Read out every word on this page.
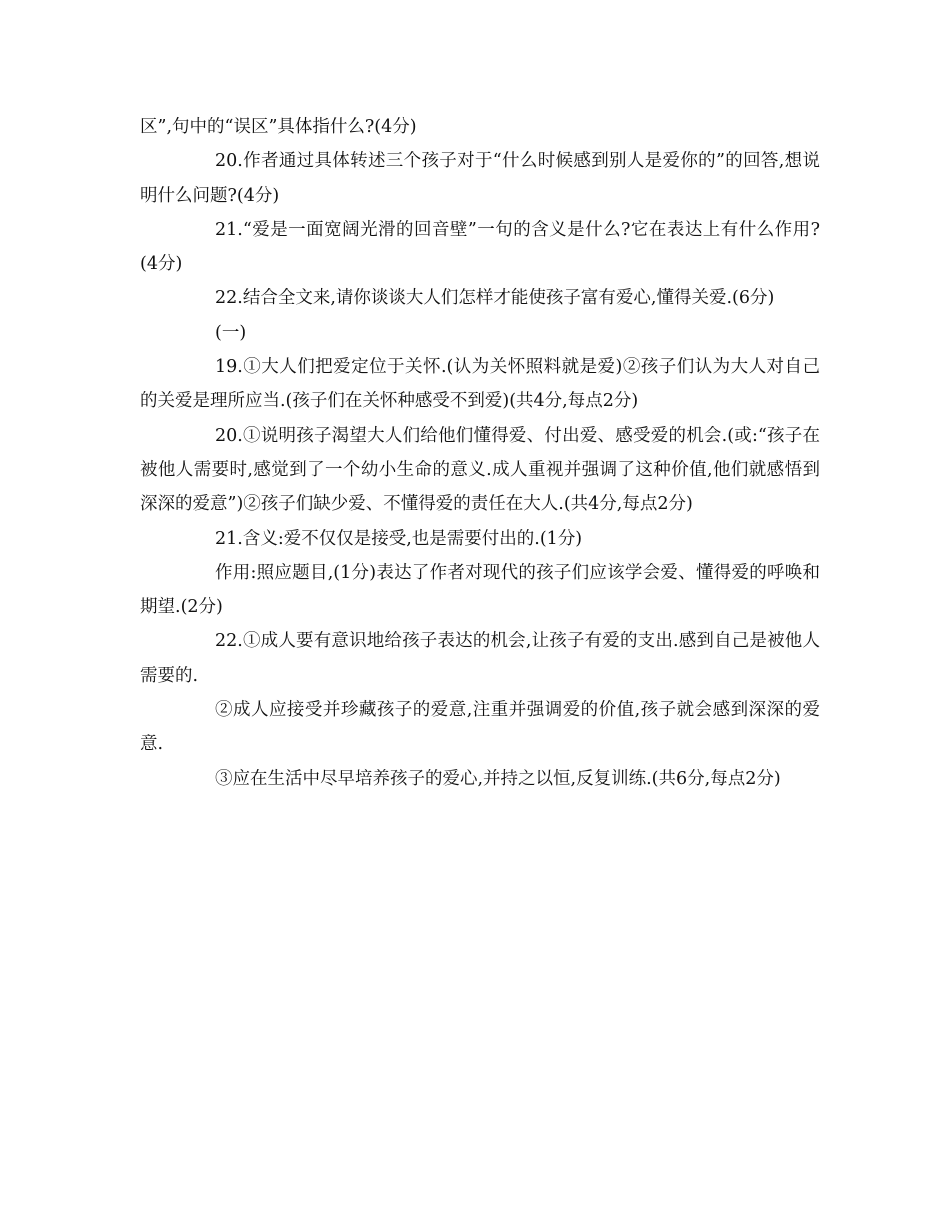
区”,句中的“误区”具体指什么?(4分)

20.作者通过具体转述三个孩子对于“什么时候感到别人是爱你的”的回答,想说明什么问题?(4分)

21.“爱是一面宽阔光滑的回音壁”一句的含义是什么?它在表达上有什么作用?(4分)

22.结合全文来,请你谈谈大人们怎样才能使孩子富有爱心,懂得关爱.(6分)

(一)

19.①大人们把爱定位于关怀.(认为关怀照料就是爱)②孩子们认为大人对自己的关爱是理所应当.(孩子们在关怀种感受不到爱)(共4分,每点2分)

20.①说明孩子渴望大人们给他们懂得爱、付出爱、感受爱的机会.(或:“孩子在被他人需要时,感觉到了一个幼小生命的意义.成人重视并强调了这种价值,他们就感悟到深深的爱意”)②孩子们缺少爱、不懂得爱的责任在大人.(共4分,每点2分)

21.含义:爱不仅仅是接受,也是需要付出的.(1分)

作用:照应题目,(1分)表达了作者对现代的孩子们应该学会爱、懂得爱的呼唤和期望.(2分)

22.①成人要有意识地给孩子表达的机会,让孩子有爱的支出.感到自己是被他人需要的.

②成人应接受并珍藏孩子的爱意,注重并强调爱的价值,孩子就会感到深深的爱意.

③应在生活中尽早培养孩子的爱心,并持之以恒,反复训练.(共6分,每点2分)
